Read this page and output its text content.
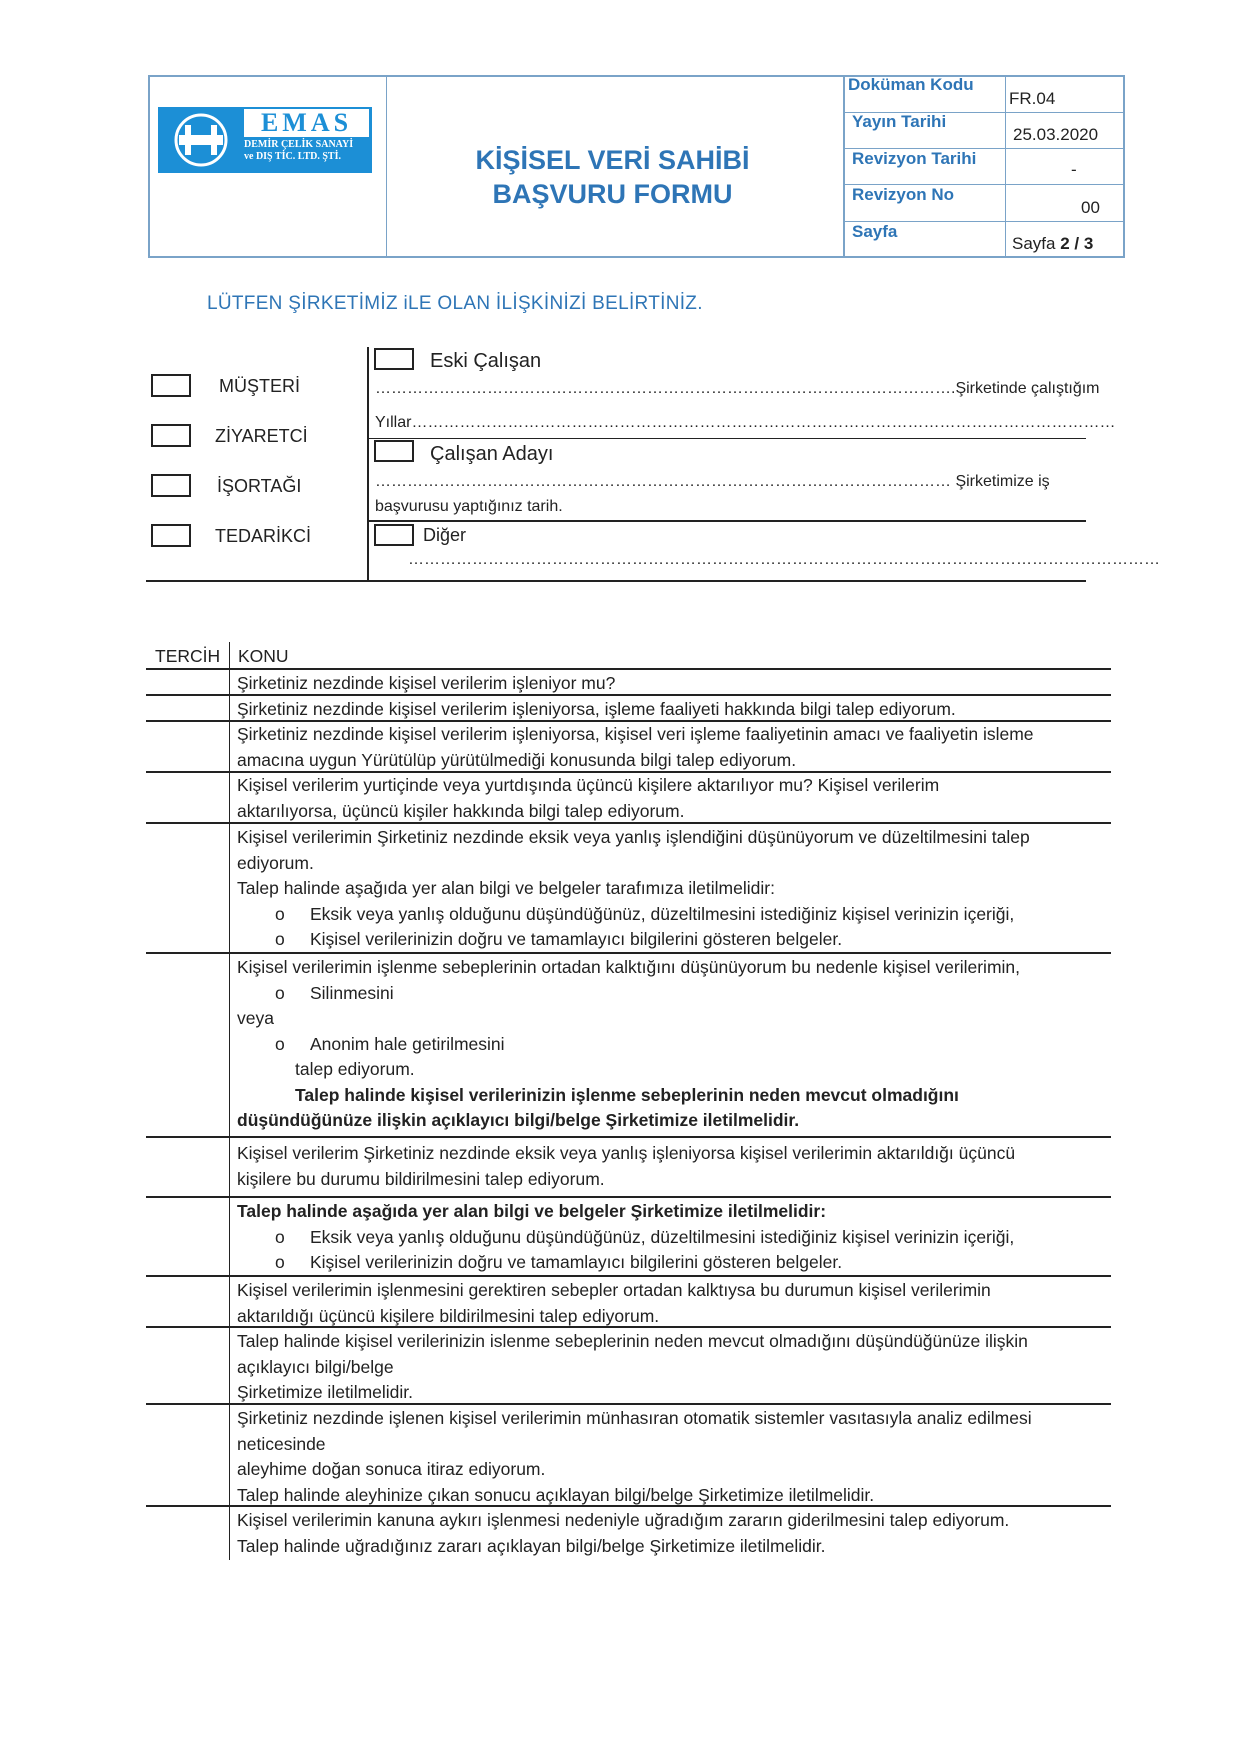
EMAS
DEMİR ÇELİK SANAYİ
ve DIŞ TİC. LTD. ŞTİ.	KİŞİSEL VERİ SAHİBİ
BAŞVURU FORMU
Doküman Kodu
Yayın Tarihi
Revizyon Tarihi
Revizyon No
Sayfa
FR.04
25.03.2020
-
00
Sayfa 2 / 3
LÜTFEN ŞİRKETİMİZ iLE OLAN İLİŞKİNİZİ BELİRTİNİZ.
MÜŞTERİ
ZİYARETCİ
İŞORTAĞI
TEDARİKCİ
Eski Çalışan
……………………………………………………………………………………………….Şirketinde çalıştığım
Yıllar……………………………………………………………………………………………………………………
Çalışan Adayı
……………………………………………………………………………………………… Şirketimize iş
başvurusu yaptığınız tarih.
Diğer
……………………………………………………………………………………………………………………………
TERCİH KONU

Şirketiniz nezdinde kişisel verilerim işleniyor mu?

Şirketiniz nezdinde kişisel verilerim işleniyorsa, işleme faaliyeti hakkında bilgi talep ediyorum.

Şirketiniz nezdinde kişisel verilerim işleniyorsa, kişisel veri işleme faaliyetinin amacı ve faaliyetin isleme

amacına uygun Yürütülüp yürütülmediği konusunda bilgi talep ediyorum.

Kişisel verilerim yurtiçinde veya yurtdışında üçüncü kişilere aktarılıyor mu? Kişisel verilerim

aktarılıyorsa, üçüncü kişiler hakkında bilgi talep ediyorum.

Kişisel verilerimin Şirketiniz nezdinde eksik veya yanlış işlendiğini düşünüyorum ve düzeltilmesini talep

ediyorum.

Talep halinde aşağıda yer alan bilgi ve belgeler tarafımıza iletilmelidir:

o Eksik veya yanlış olduğunu düşündüğünüz, düzeltilmesini istediğiniz kişisel verinizin içeriği,

o Kişisel verilerinizin doğru ve tamamlayıcı bilgilerini gösteren belgeler.

Kişisel verilerimin işlenme sebeplerinin ortadan kalktığını düşünüyorum bu nedenle kişisel verilerimin,

o Silinmesini

veya

o Anonim hale getirilmesini

talep ediyorum.

Talep halinde kişisel verilerinizin işlenme sebeplerinin neden mevcut olmadığını

düşündüğünüze ilişkin açıklayıcı bilgi/belge Şirketimize iletilmelidir.

Kişisel verilerim Şirketiniz nezdinde eksik veya yanlış işleniyorsa kişisel verilerimin aktarıldığı üçüncü

kişilere bu durumu bildirilmesini talep ediyorum.

Talep halinde aşağıda yer alan bilgi ve belgeler Şirketimize iletilmelidir:

o Eksik veya yanlış olduğunu düşündüğünüz, düzeltilmesini istediğiniz kişisel verinizin içeriği,

o Kişisel verilerinizin doğru ve tamamlayıcı bilgilerini gösteren belgeler.

Kişisel verilerimin işlenmesini gerektiren sebepler ortadan kalktıysa bu durumun kişisel verilerimin

aktarıldığı üçüncü kişilere bildirilmesini talep ediyorum.

Talep halinde kişisel verilerinizin islenme sebeplerinin neden mevcut olmadığını düşündüğünüze ilişkin

açıklayıcı bilgi/belge

Şirketimize iletilmelidir.

Şirketiniz nezdinde işlenen kişisel verilerimin münhasıran otomatik sistemler vasıtasıyla analiz edilmesi

neticesinde

aleyhime doğan sonuca itiraz ediyorum.

Talep halinde aleyhinize çıkan sonucu açıklayan bilgi/belge Şirketimize iletilmelidir.

Kişisel verilerimin kanuna aykırı işlenmesi nedeniyle uğradığım zararın giderilmesini talep ediyorum.

Talep halinde uğradığınız zararı açıklayan bilgi/belge Şirketimize iletilmelidir.
